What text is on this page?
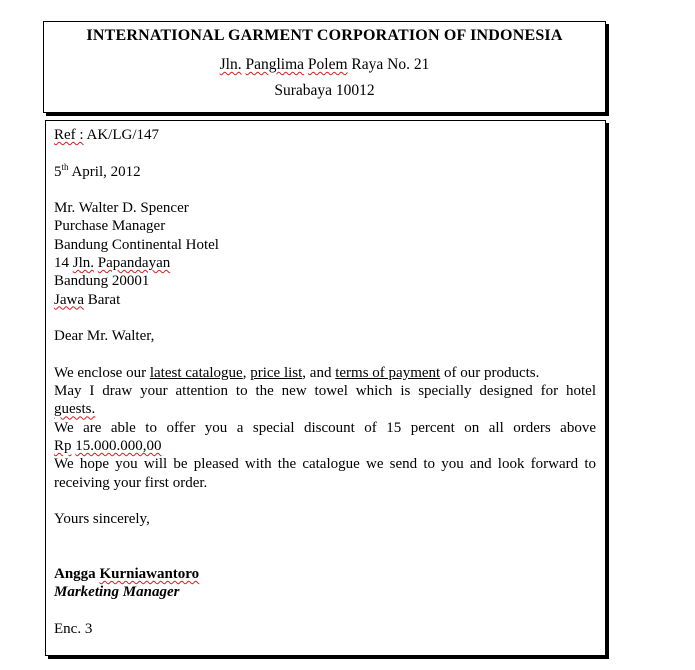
INTERNATIONAL GARMENT CORPORATION OF INDONESIA
Jln. Panglima Polem Raya No. 21
Surabaya 10012
Ref : AK/LG/147
5th April, 2012
Mr. Walter D. Spencer
Purchase Manager
Bandung Continental Hotel
14 Jln. Papandayan
Bandung 20001
Jawa Barat
Dear Mr. Walter,
We enclose our latest catalogue, price list, and terms of payment of our products.
May I draw your attention to the new towel which is specially designed for hotel
guests.
We are able to offer you a special discount of 15 percent on all orders above
Rp 15.000.000,00
We hope you will be pleased with the catalogue we send to you and look forward to
receiving your first order.
Yours sincerely,
Angga Kurniawantoro
Marketing Manager
Enc. 3
